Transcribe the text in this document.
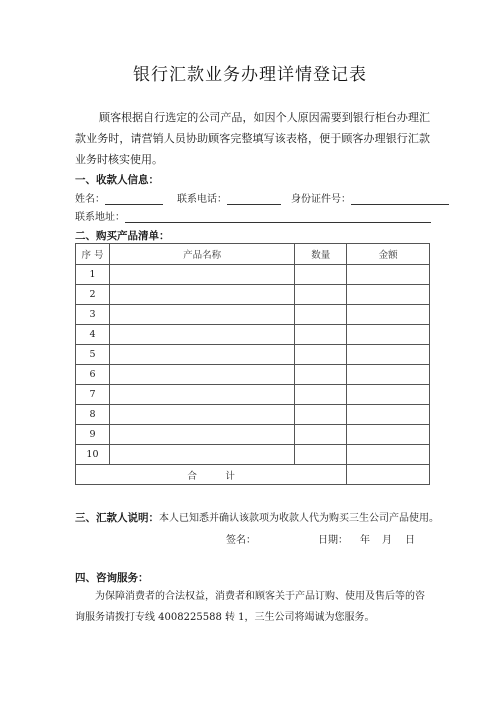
银行汇款业务办理详情登记表
顾客根据自行选定的公司产品，如因个人原因需要到银行柜台办理汇款业务时，请营销人员协助顾客完整填写该表格，便于顾客办理银行汇款业务时核实使用。
一、收款人信息：
姓名：	联系电话：	身份证件号：
联系地址：
二、购买产品清单：
序 号	产品名称	数量	金额
1			
2			
3			
4			
5			
6			
7			
8			
9			
10			
合　　　计			
三、汇款人说明：本人已知悉并确认该款项为收款人代为购买三生公司产品使用。
签名：	日期： 年 月 日
四、咨询服务：
为保障消费者的合法权益，消费者和顾客关于产品订购、使用及售后等的咨询服务请拨打专线 4008225588 转 1，三生公司将竭诚为您服务。
